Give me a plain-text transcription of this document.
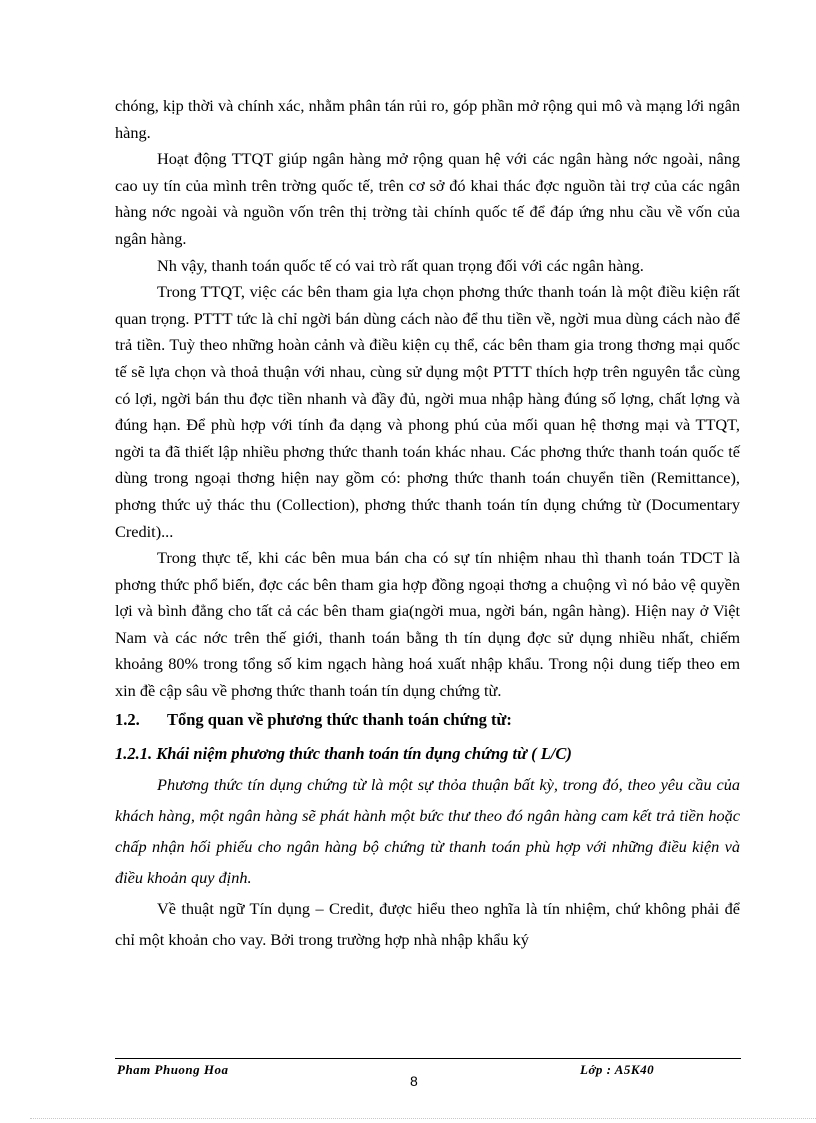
chóng, kịp thời và chính xác, nhằm phân tán rủi ro, góp phần mở rộng qui mô và mạng lới ngân hàng.

Hoạt động TTQT giúp ngân hàng mở rộng quan hệ với các ngân hàng nớc ngoài, nâng cao uy tín của mình trên trờng quốc tế, trên cơ sở đó khai thác đợc nguồn tài trợ của các ngân hàng nớc ngoài và nguồn vốn trên thị trờng tài chính quốc tế để đáp ứng nhu cầu về vốn của ngân hàng.

Nh vậy, thanh toán quốc tế có vai trò rất quan trọng đối với các ngân hàng.

Trong TTQT, việc các bên tham gia lựa chọn phơng thức thanh toán là một điều kiện rất quan trọng. PTTT tức là chỉ ngời bán dùng cách nào để thu tiền về, ngời mua dùng cách nào để trả tiền. Tuỳ theo những hoàn cảnh và điều kiện cụ thể, các bên tham gia trong thơng mại quốc tế sẽ lựa chọn và thoả thuận với nhau, cùng sử dụng một PTTT thích hợp trên nguyên tắc cùng có lợi, ngời bán thu đợc tiền nhanh và đầy đủ, ngời mua nhập hàng đúng số lợng, chất lợng và đúng hạn. Để phù hợp với tính đa dạng và phong phú của mối quan hệ thơng mại và TTQT, ngời ta đã thiết lập nhiều phơng thức thanh toán khác nhau. Các phơng thức thanh toán quốc tế dùng trong ngoại thơng hiện nay gồm có: phơng thức thanh toán chuyển tiền (Remittance), phơng thức uỷ thác thu (Collection), phơng thức thanh toán tín dụng chứng từ (Documentary Credit)...

Trong thực tế, khi các bên mua bán cha có sự tín nhiệm nhau thì thanh toán TDCT là phơng thức phổ biến, đợc các bên tham gia hợp đồng ngoại thơng a chuộng vì nó bảo vệ quyền lợi và bình đẳng cho tất cả các bên tham gia(ngời mua, ngời bán, ngân hàng). Hiện nay ở Việt Nam và các nớc trên thế giới, thanh toán bằng th tín dụng đợc sử dụng nhiều nhất, chiếm khoảng 80% trong tổng số kim ngạch hàng hoá xuất nhập khẩu. Trong nội dung tiếp theo em xin đề cập sâu về phơng thức thanh toán tín dụng chứng từ.

1.2. Tổng quan về phương thức thanh toán chứng từ:
1.2.1. Khái niệm phương thức thanh toán tín dụng chứng từ ( L/C)

Phương thức tín dụng chứng từ là một sự thỏa thuận bất kỳ, trong đó, theo yêu cầu của khách hàng, một ngân hàng sẽ phát hành một bức thư theo đó ngân hàng cam kết trả tiền hoặc chấp nhận hối phiếu cho ngân hàng bộ chứng từ thanh toán phù hợp với những điều kiện và điều khoản quy định.

Về thuật ngữ Tín dụng – Credit, được hiểu theo nghĩa là tín nhiệm, chứ không phải để chỉ một khoản cho vay. Bởi trong trường hợp nhà nhập khẩu ký

Pham Phuong Hoa	Lớp : A5K40
8
